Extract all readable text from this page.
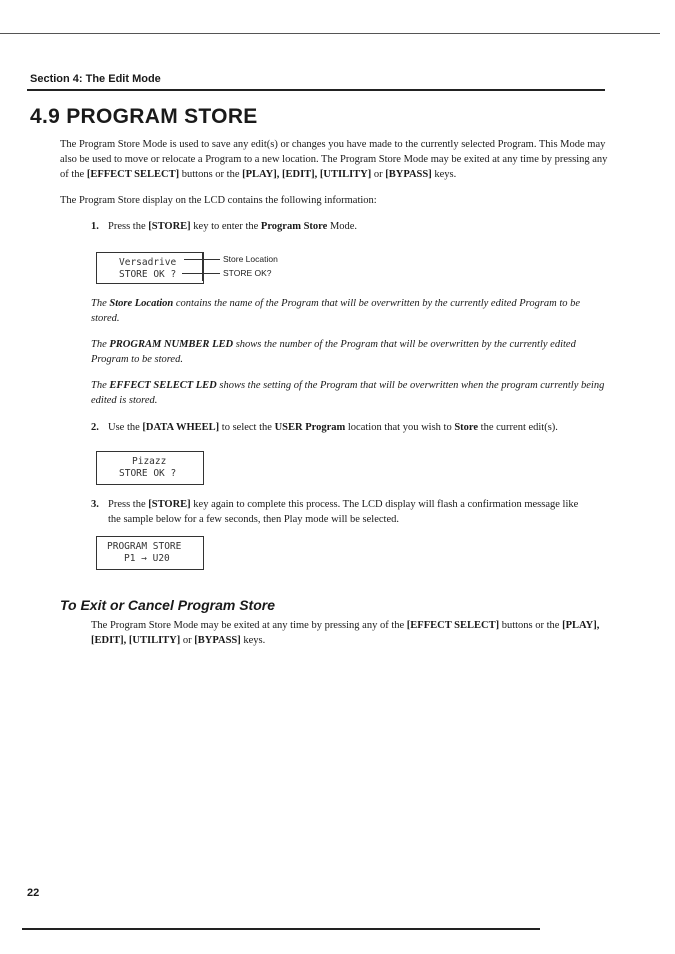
Section 4: The Edit Mode
4.9 PROGRAM STORE
The Program Store Mode is used to save any edit(s) or changes you have made to the currently selected Program. This Mode may also be used to move or relocate a Program to a new location. The Program Store Mode may be exited at any time by pressing any of the [EFFECT SELECT] buttons or the [PLAY], [EDIT], [UTILITY] or [BYPASS] keys.
The Program Store display on the LCD contains the following information:
1. Press the [STORE] key to enter the Program Store Mode.
Versadrive
STORE OK ?
Store Location
STORE OK?
The Store Location contains the name of the Program that will be overwritten by the currently edited Program to be stored.
The PROGRAM NUMBER LED shows the number of the Program that will be overwritten by the currently edited Program to be stored.
The EFFECT SELECT LED shows the setting of the Program that will be overwritten when the program currently being edited is stored.
2. Use the [DATA WHEEL] to select the USER Program location that you wish to Store the current edit(s).
Pizazz
STORE OK ?
3. Press the [STORE] key again to complete this process. The LCD display will flash a confirmation message like
the sample below for a few seconds, then Play mode will be selected.
PROGRAM STORE
P1 → U20
To Exit or Cancel Program Store
The Program Store Mode may be exited at any time by pressing any of the [EFFECT SELECT] buttons or the [PLAY], [EDIT], [UTILITY] or [BYPASS] keys.
22
